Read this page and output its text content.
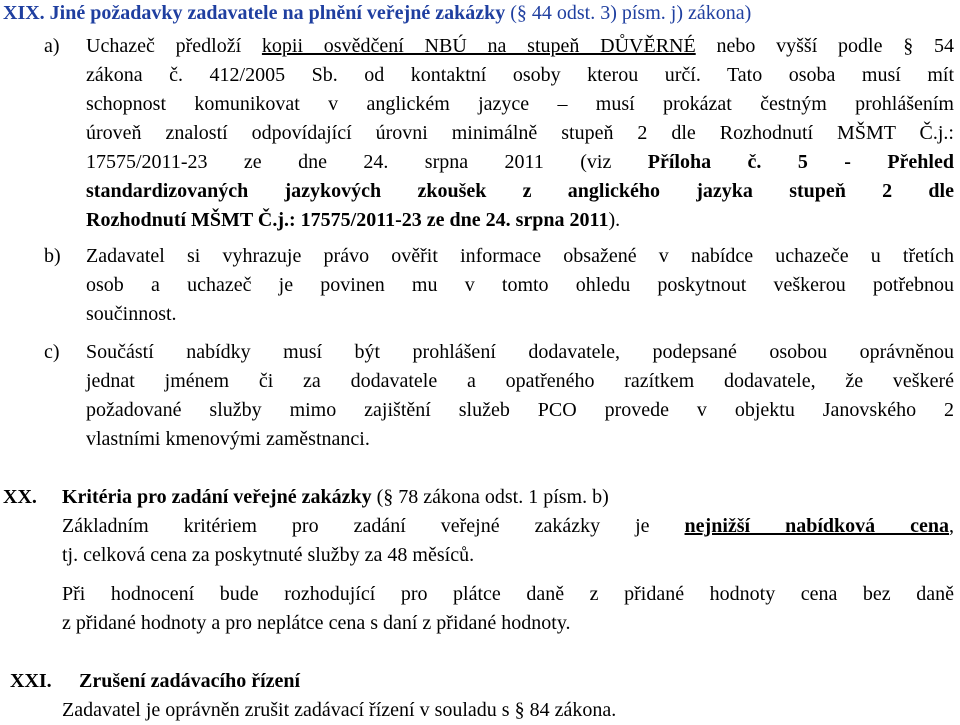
XIX. Jiné požadavky zadavatele na plnění veřejné zakázky (§ 44 odst. 3) písm. j) zákona)
a) Uchazeč předloží kopii osvědčení NBÚ na stupeň DŮVĚRNÉ nebo vyšší podle § 54
zákona č. 412/2005 Sb. od kontaktní osoby kterou určí. Tato osoba musí mít
schopnost komunikovat v anglickém jazyce – musí prokázat čestným prohlášením
úroveň znalostí odpovídající úrovni minimálně stupeň 2 dle Rozhodnutí MŠMT Č.j.:
17575/2011-23 ze dne 24. srpna 2011 (viz Příloha č. 5 - Přehled
standardizovaných jazykových zkoušek z anglického jazyka stupeň 2 dle
Rozhodnutí MŠMT Č.j.: 17575/2011-23 ze dne 24. srpna 2011).
b) Zadavatel si vyhrazuje právo ověřit informace obsažené v nabídce uchazeče u třetích
osob a uchazeč je povinen mu v tomto ohledu poskytnout veškerou potřebnou
součinnost.
c) Součástí nabídky musí být prohlášení dodavatele, podepsané osobou oprávněnou
jednat jménem či za dodavatele a opatřeného razítkem dodavatele, že veškeré
požadované služby mimo zajištění služeb PCO provede v objektu Janovského 2
vlastními kmenovými zaměstnanci.
XX. Kritéria pro zadání veřejné zakázky (§ 78 zákona odst. 1 písm. b)
Základním kritériem pro zadání veřejné zakázky je nejnižší nabídková cena,
tj. celková cena za poskytnuté služby za 48 měsíců.
Při hodnocení bude rozhodující pro plátce daně z přidané hodnoty cena bez daně
z přidané hodnoty a pro neplátce cena s daní z přidané hodnoty.
XXI. Zrušení zadávacího řízení
Zadavatel je oprávněn zrušit zadávací řízení v souladu s § 84 zákona.
